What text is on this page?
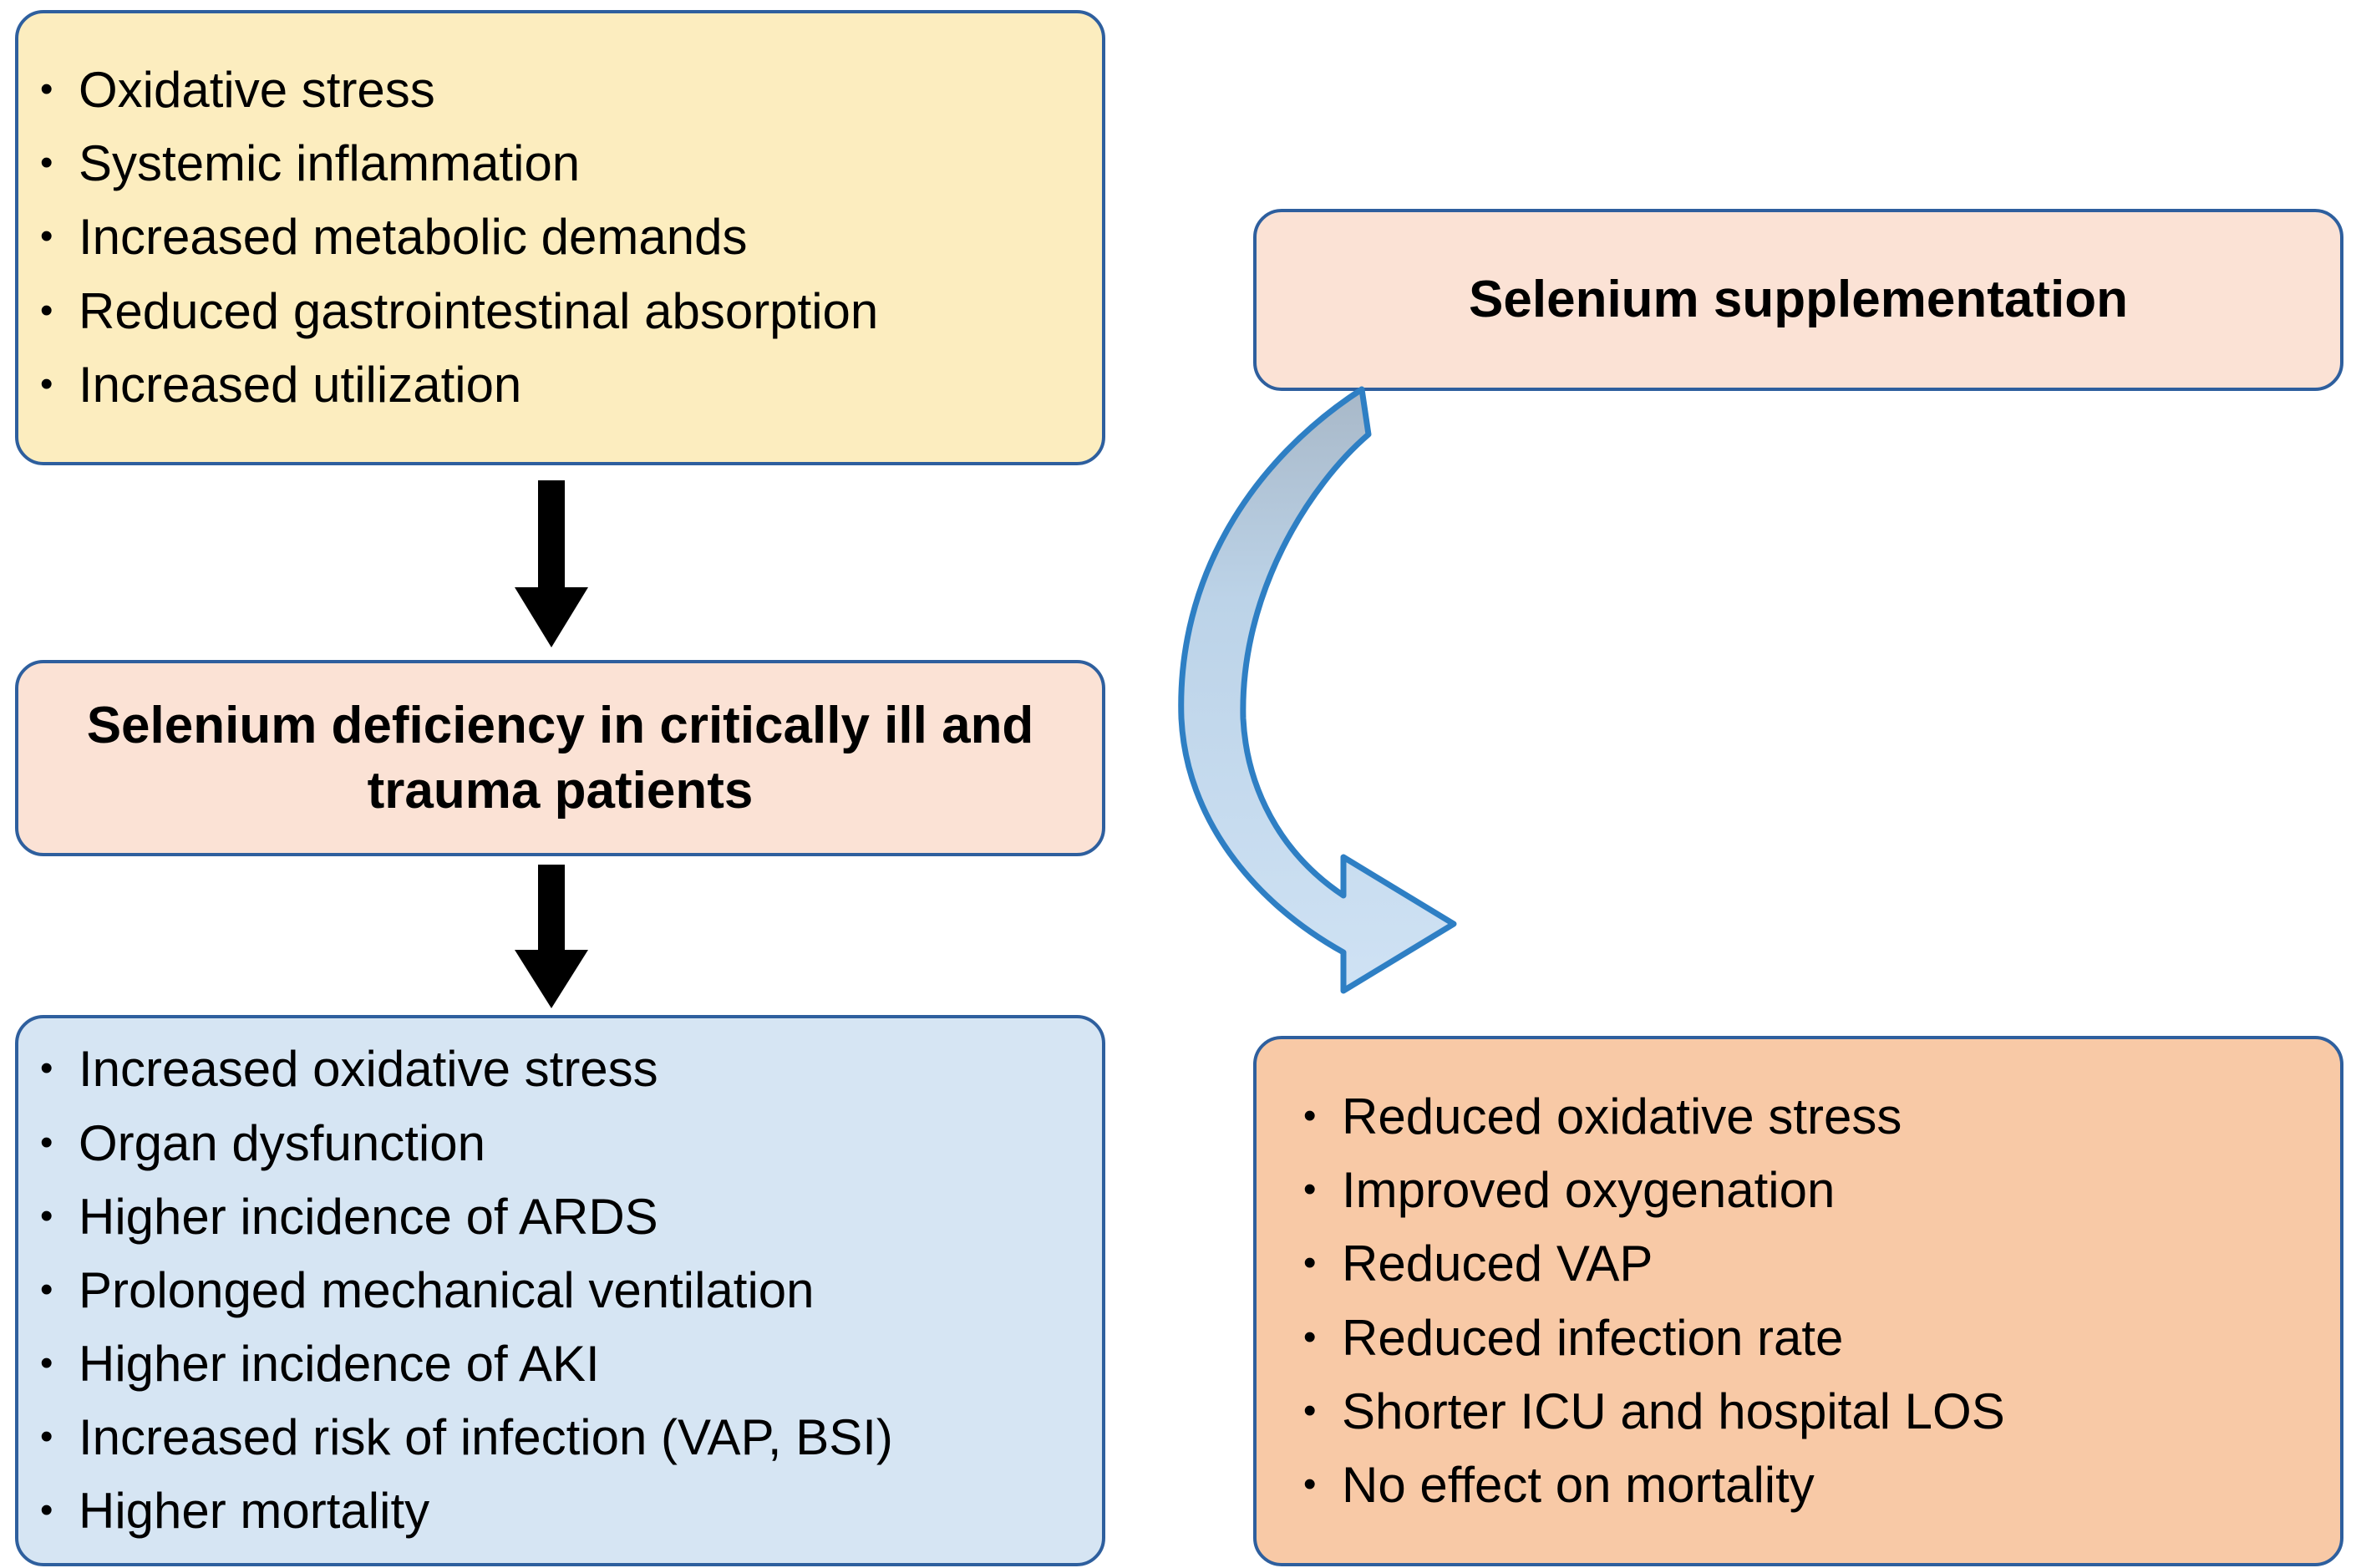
• Oxidative stress
• Systemic inflammation
• Increased metabolic demands
• Reduced gastrointestinal absorption
• Increased utilization
Selenium deficiency in critically ill and trauma patients
• Increased oxidative stress
• Organ dysfunction
• Higher incidence of ARDS
• Prolonged mechanical ventilation
• Higher incidence of AKI
• Increased risk of infection (VAP, BSI)
• Higher mortality
Selenium supplementation
• Reduced oxidative stress
• Improved oxygenation
• Reduced VAP
• Reduced infection rate
• Shorter ICU and hospital LOS
• No effect on mortality
